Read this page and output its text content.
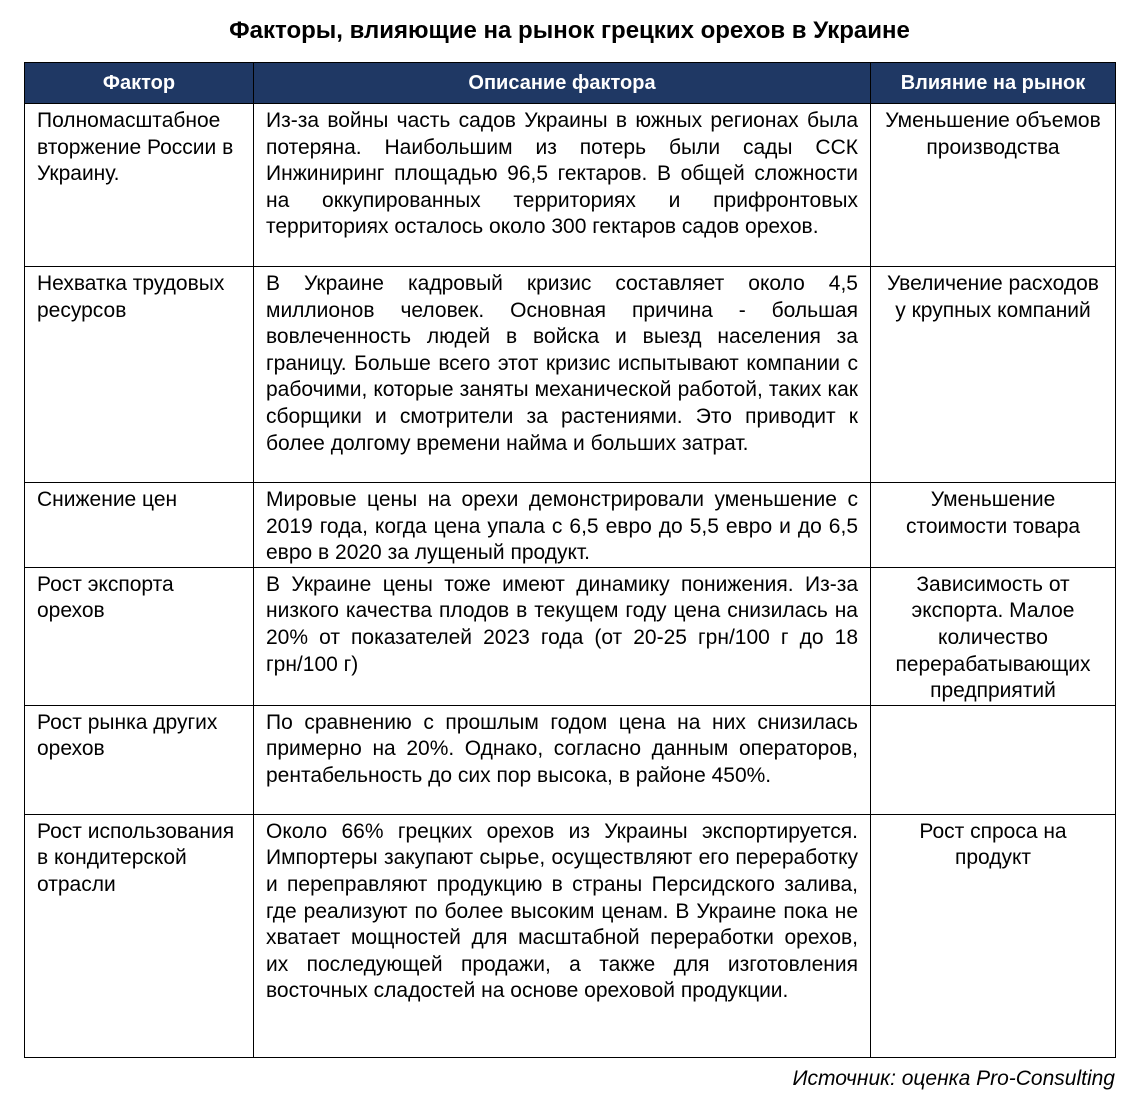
Факторы, влияющие на рынок грецких орехов в Украине
Фактор	Описание фактора	Влияние на рынок
Полномасштабное вторжение России в Украину.	Из-за войны часть садов Украины в южных регионах была потеряна. Наибольшим из потерь были сады ССК Инжиниринг площадью 96,5 гектаров. В общей сложности на оккупированных территориях и прифронтовых территориях осталось около 300 гектаров садов орехов.	Уменьшение объемов производства
Нехватка трудовых ресурсов	В Украине кадровый кризис составляет около 4,5 миллионов человек. Основная причина - большая вовлеченность людей в войска и выезд населения за границу. Больше всего этот кризис испытывают компании с рабочими, которые заняты механической работой, таких как сборщики и смотрители за растениями. Это приводит к более долгому времени найма и больших затрат.	Увеличение расходов у крупных компаний
Снижение цен	Мировые цены на орехи демонстрировали уменьшение с 2019 года, когда цена упала с 6,5 евро до 5,5 евро и до 6,5 евро в 2020 за лущеный продукт.	Уменьшение стоимости товара
Рост экспорта орехов	В Украине цены тоже имеют динамику понижения. Из-за низкого качества плодов в текущем году цена снизилась на 20% от показателей 2023 года (от 20-25 грн/100 г до 18 грн/100 г)	Зависимость от экспорта. Малое количество перерабатывающих предприятий
Рост рынка других орехов	По сравнению с прошлым годом цена на них снизилась примерно на 20%. Однако, согласно данным операторов, рентабельность до сих пор высока, в районе 450%.	
Рост использования в кондитерской отрасли	Около 66% грецких орехов из Украины экспортируется. Импортеры закупают сырье, осуществляют его переработку и переправляют продукцию в страны Персидского залива, где реализуют по более высоким ценам. В Украине пока не хватает мощностей для масштабной переработки орехов, их последующей продажи, а также для изготовления восточных сладостей на основе ореховой продукции.	Рост спроса на продукт
Источник: оценка Pro-Consulting
